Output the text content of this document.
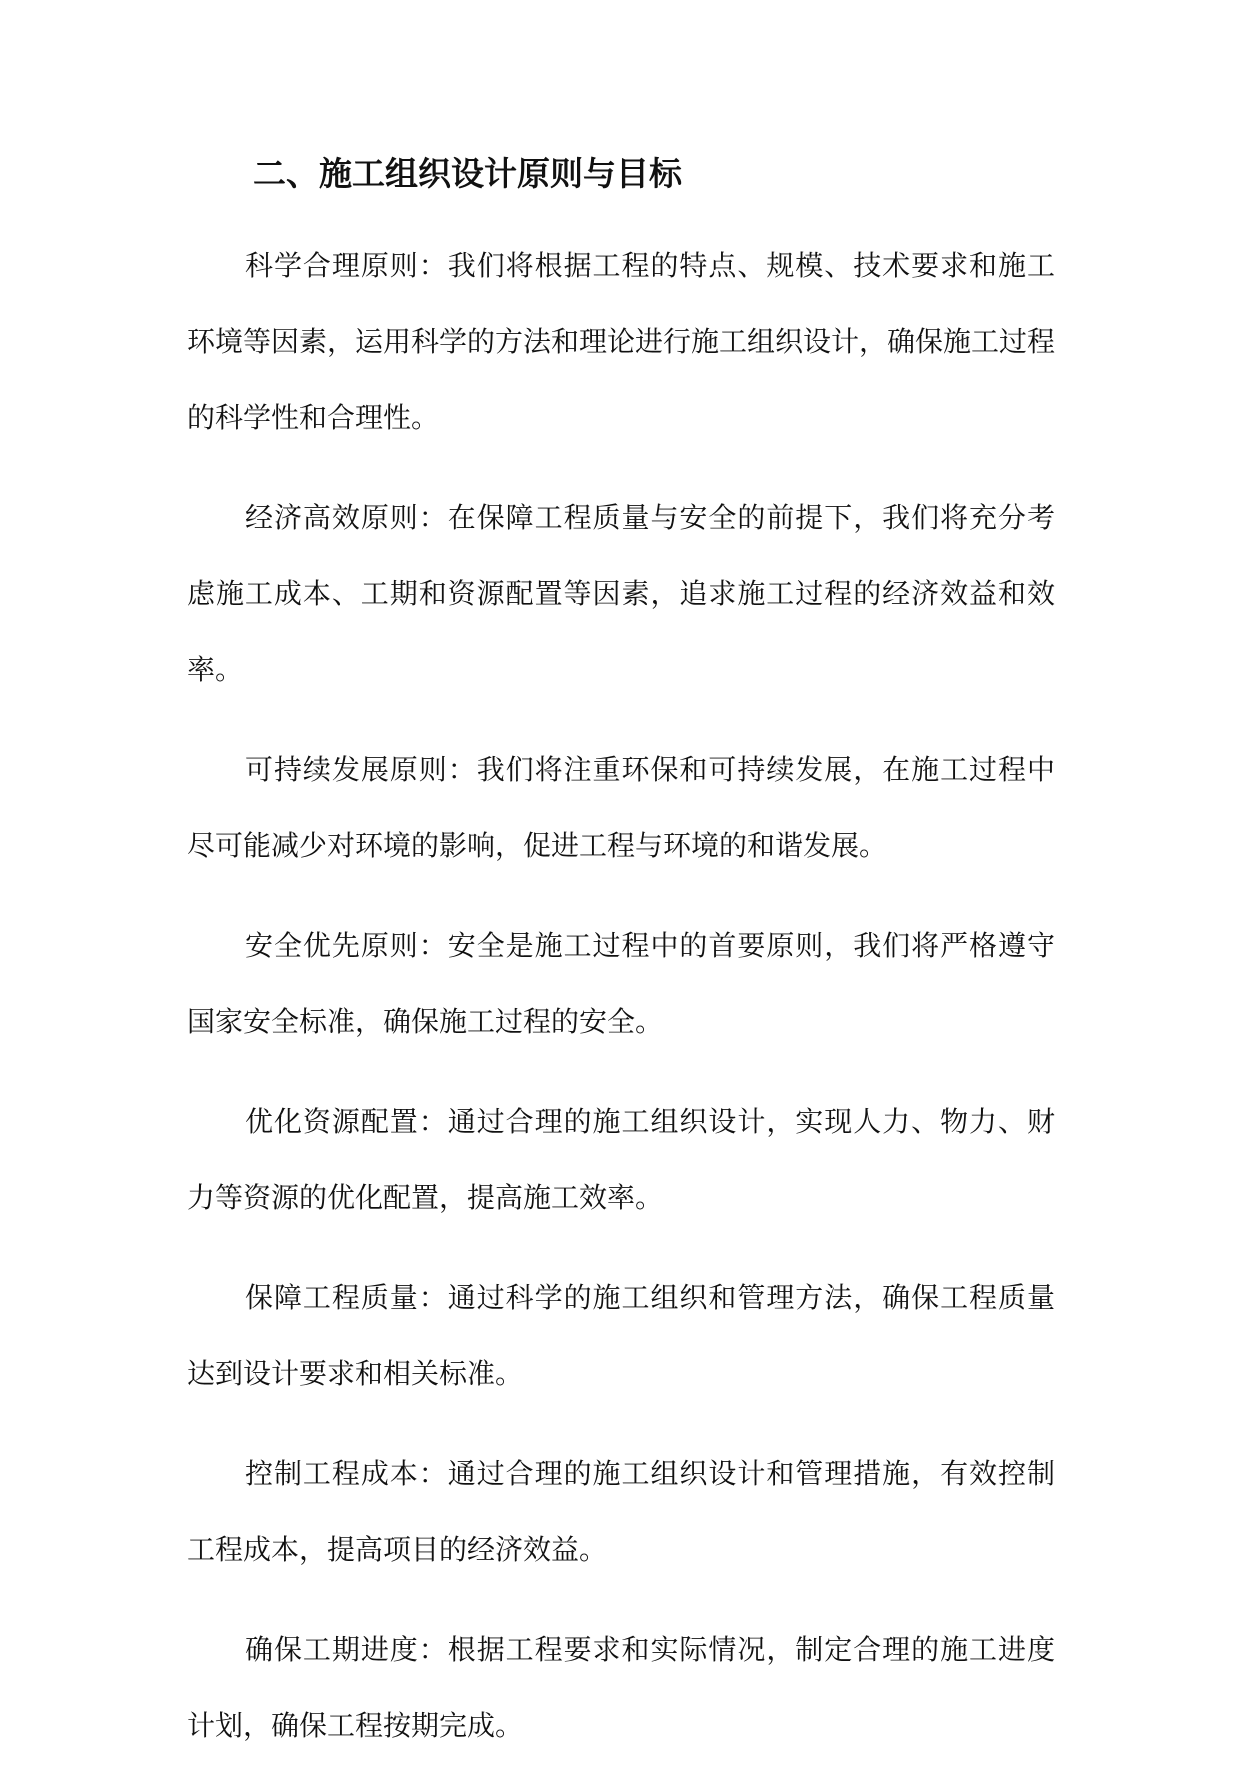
二、施工组织设计原则与目标

科学合理原则：我们将根据工程的特点、规模、技术要求和施工环境等因素，运用科学的方法和理论进行施工组织设计，确保施工过程的科学性和合理性。

经济高效原则：在保障工程质量与安全的前提下，我们将充分考虑施工成本、工期和资源配置等因素，追求施工过程的经济效益和效率。

可持续发展原则：我们将注重环保和可持续发展，在施工过程中尽可能减少对环境的影响，促进工程与环境的和谐发展。

安全优先原则：安全是施工过程中的首要原则，我们将严格遵守国家安全标准，确保施工过程的安全。

优化资源配置：通过合理的施工组织设计，实现人力、物力、财力等资源的优化配置，提高施工效率。

保障工程质量：通过科学的施工组织和管理方法，确保工程质量达到设计要求和相关标准。

控制工程成本：通过合理的施工组织设计和管理措施，有效控制工程成本，提高项目的经济效益。

确保工期进度：根据工程要求和实际情况，制定合理的施工进度计划，确保工程按期完成。
